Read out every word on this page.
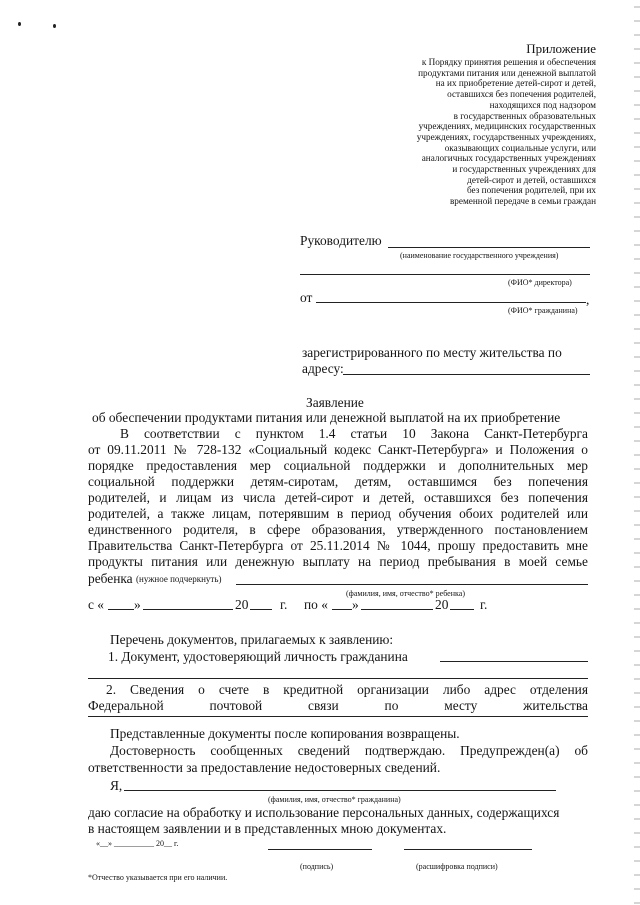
Приложение
к Порядку принятия решения и обеспечения
продуктами питания или денежной выплатой
на их приобретение детей-сирот и детей,
оставшихся без попечения родителей,
находящихся под надзором
в государственных образовательных
учреждениях, медицинских государственных
учреждениях, государственных учреждениях,
оказывающих социальные услуги, или
аналогичных государственных учреждениях
и государственных учреждениях для
детей-сирот и детей, оставшихся
без попечения родителей, при их
временной передаче в семьи граждан
Руководителю
(наименование государственного учреждения)
(ФИО* директора)
от	,
(ФИО* гражданина)
зарегистрированного по месту жительства по
адресу:
Заявление
об обеспечении продуктами питания или денежной выплатой на их приобретение
В соответствии с пунктом 1.4 статьи 10 Закона Санкт-Петербурга
от 09.11.2011 № 728-132 «Социальный кодекс Санкт-Петербурга» и Положения о
порядке предоставления мер социальной поддержки и дополнительных мер
социальной поддержки детям-сиротам, детям, оставшимся без попечения
родителей, и лицам из числа детей-сирот и детей, оставшихся без попечения
родителей, а также лицам, потерявшим в период обучения обоих родителей или
единственного родителя, в сфере образования, утвержденного постановлением
Правительства Санкт-Петербурга от 25.11.2014 № 1044, прошу предоставить мне
продукты питания или денежную выплату на период пребывания в моей семье
ребенка (нужное подчеркнуть)
(фамилия, имя, отчество* ребенка)
с « »	20 г. по « »	20 г.
Перечень документов, прилагаемых к заявлению:
1. Документ, удостоверяющий личность гражданина
2. Сведения о счете в кредитной организации либо адрес отделения
Федеральной почтовой связи по месту жительства
Представленные документы после копирования возвращены.
Достоверность сообщенных сведений подтверждаю. Предупрежден(а) об
ответственности за предоставление недостоверных сведений.
Я,
(фамилия, имя, отчество* гражданина)
даю согласие на обработку и использование персональных данных, содержащихся
в настоящем заявлении и в представленных мною документах.
«__» __________ 20__ г.
(подпись)	(расшифровка подписи)
*Отчество указывается при его наличии.
